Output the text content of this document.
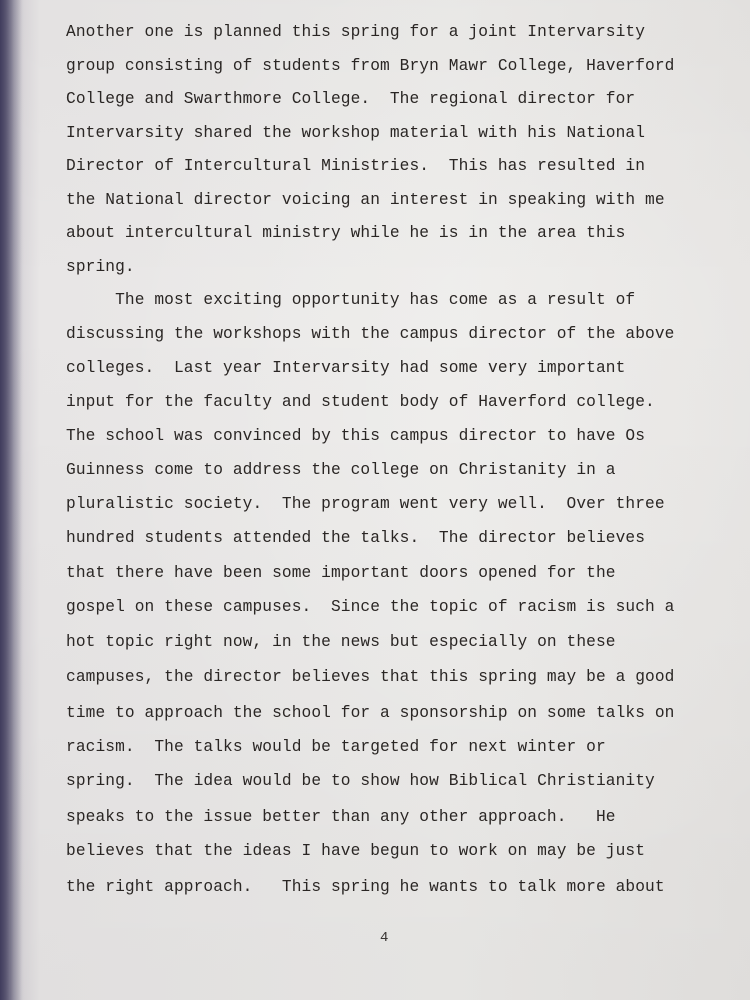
Another one is planned this spring for a joint Intervarsity
group consisting of students from Bryn Mawr College, Haverford
College and Swarthmore College.  The regional director for
Intervarsity shared the workshop material with his National
Director of Intercultural Ministries.  This has resulted in
the National director voicing an interest in speaking with me
about intercultural ministry while he is in the area this
spring.
The most exciting opportunity has come as a result of
discussing the workshops with the campus director of the above
colleges.  Last year Intervarsity had some very important
input for the faculty and student body of Haverford college.
The school was convinced by this campus director to have Os
Guinness come to address the college on Christanity in a
pluralistic society.  The program went very well.  Over three
hundred students attended the talks.  The director believes
that there have been some important doors opened for the
gospel on these campuses.  Since the topic of racism is such a
hot topic right now, in the news but especially on these
campuses, the director believes that this spring may be a good
time to approach the school for a sponsorship on some talks on
racism.  The talks would be targeted for next winter or
spring.  The idea would be to show how Biblical Christianity
speaks to the issue better than any other approach.   He
believes that the ideas I have begun to work on may be just
the right approach.   This spring he wants to talk more about
4
